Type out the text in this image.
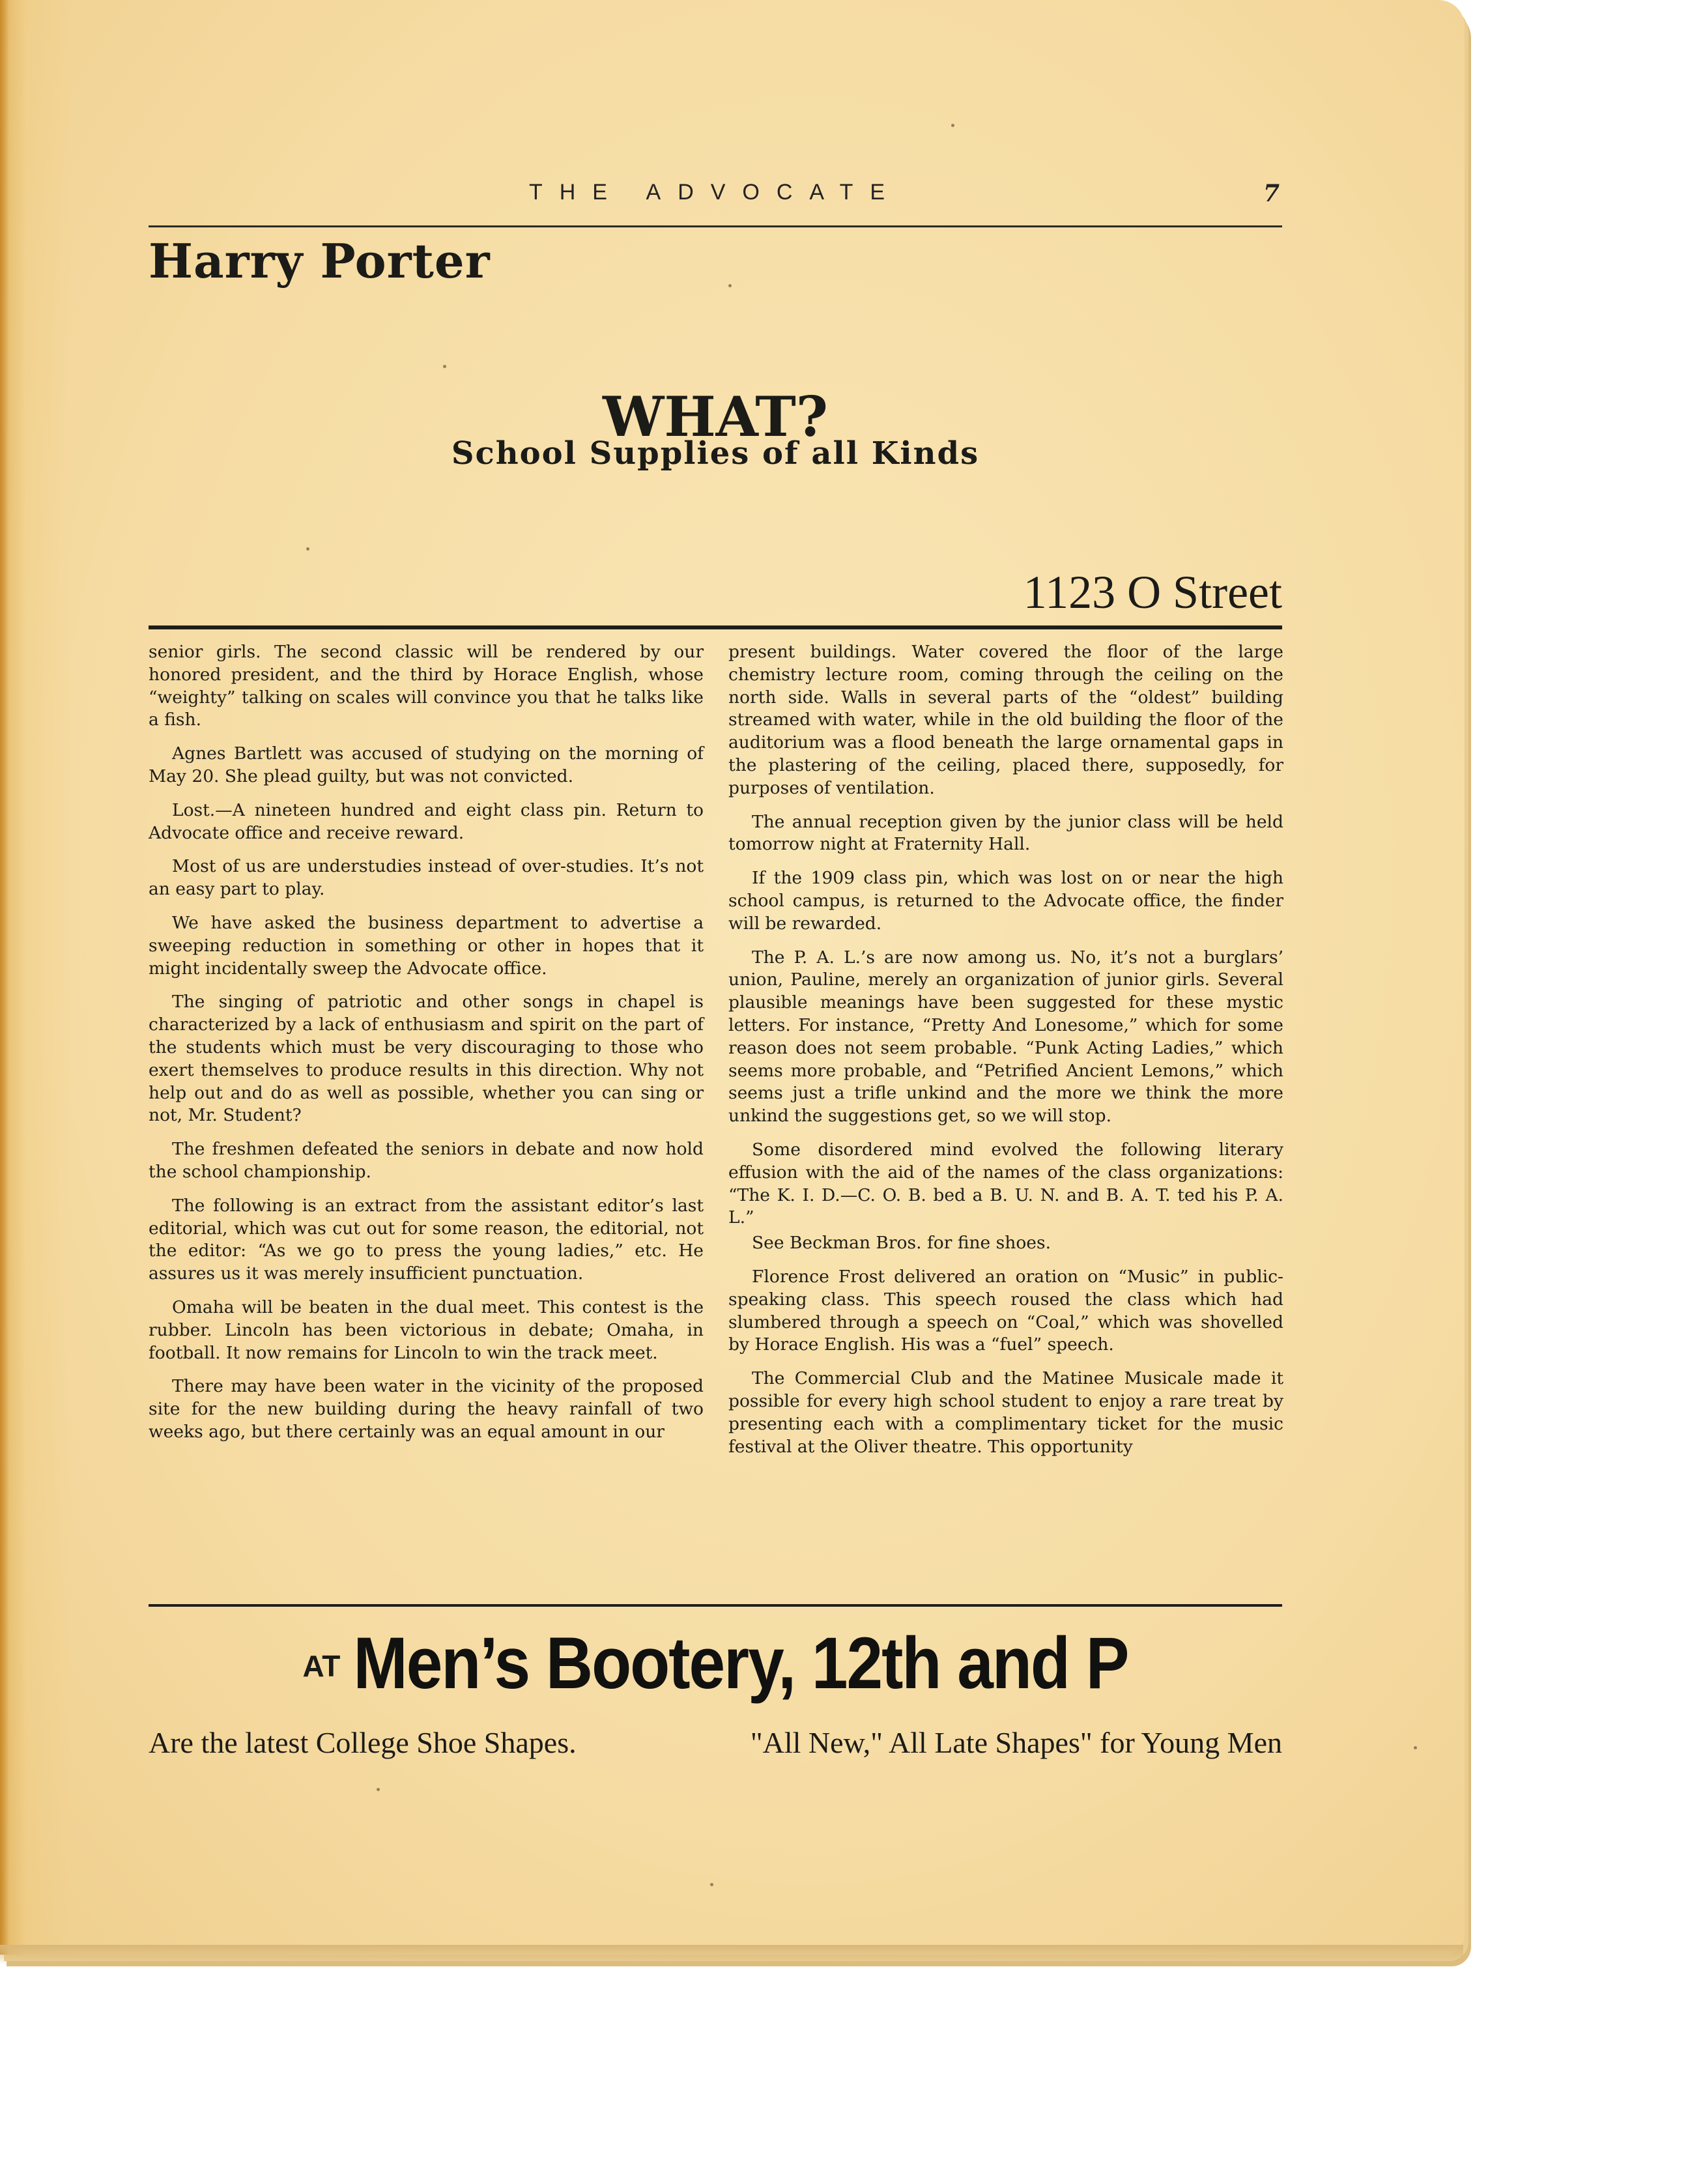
THE ADVOCATE	7
Harry Porter
WHAT?
School Supplies of all Kinds
1123 O Street

senior girls. The second classic will be rendered by our honored president, and the third by Horace English, whose “weighty” talking on scales will convince you that he talks like a fish.

Agnes Bartlett was accused of studying on the morning of May 20. She plead guilty, but was not convicted.

Lost.—A nineteen hundred and eight class pin. Return to Advocate office and receive reward.

Most of us are understudies instead of over-studies. It’s not an easy part to play.

We have asked the business department to advertise a sweeping reduction in something or other in hopes that it might incidentally sweep the Advocate office.

The singing of patriotic and other songs in chapel is characterized by a lack of enthusiasm and spirit on the part of the students which must be very discouraging to those who exert themselves to produce results in this direction. Why not help out and do as well as possible, whether you can sing or not, Mr. Student?

The freshmen defeated the seniors in debate and now hold the school championship.

The following is an extract from the assistant editor’s last editorial, which was cut out for some reason, the editorial, not the editor: “As we go to press the young ladies,” etc. He assures us it was merely insufficient punctuation.

Omaha will be beaten in the dual meet. This contest is the rubber. Lincoln has been victorious in debate; Omaha, in football. It now remains for Lincoln to win the track meet.

There may have been water in the vicinity of the proposed site for the new building during the heavy rainfall of two weeks ago, but there certainly was an equal amount in our

present buildings. Water covered the floor of the large chemistry lecture room, coming through the ceiling on the north side. Walls in several parts of the “oldest” building streamed with water, while in the old building the floor of the auditorium was a flood beneath the large ornamental gaps in the plastering of the ceiling, placed there, supposedly, for purposes of ventilation.

The annual reception given by the junior class will be held tomorrow night at Fraternity Hall.

If the 1909 class pin, which was lost on or near the high school campus, is returned to the Advocate office, the finder will be rewarded.

The P. A. L.’s are now among us. No, it’s not a burglars’ union, Pauline, merely an organization of junior girls. Several plausible meanings have been suggested for these mystic letters. For instance, “Pretty And Lonesome,” which for some reason does not seem probable. “Punk Acting Ladies,” which seems more probable, and “Petrified Ancient Lemons,” which seems just a trifle unkind and the more we think the more unkind the suggestions get, so we will stop.

Some disordered mind evolved the following literary effusion with the aid of the names of the class organizations: “The K. I. D.—C. O. B. bed a B. U. N. and B. A. T. ted his P. A. L.”

See Beckman Bros. for fine shoes.

Florence Frost delivered an oration on “Music” in public-speaking class. This speech roused the class which had slumbered through a speech on “Coal,” which was shovelled by Horace English. His was a “fuel” speech.

The Commercial Club and the Matinee Musicale made it possible for every high school student to enjoy a rare treat by presenting each with a complimentary ticket for the music festival at the Oliver theatre. This opportunity

AT Men’s Bootery, 12th and P
Are the latest College Shoe Shapes.	"All New," All Late Shapes" for Young Men
